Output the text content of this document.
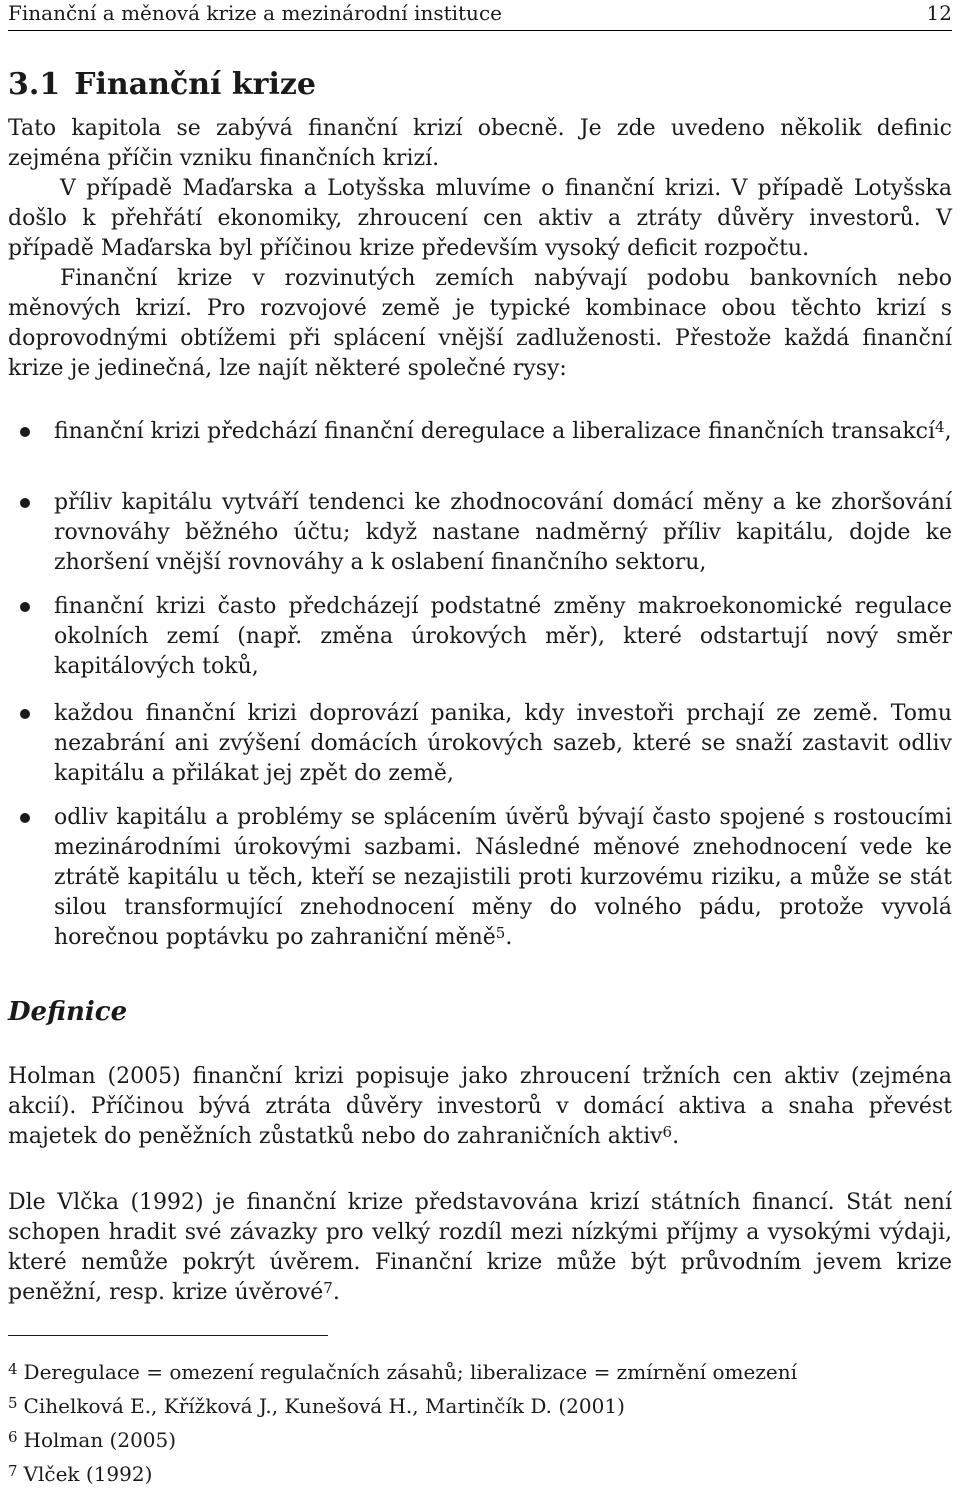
Finanční a měnová krize a mezinárodní instituce	12
3.1 Finanční krize

Tato kapitola se zabývá finanční krizí obecně. Je zde uvedeno několik definic zejména příčin vzniku finančních krizí.

V případě Maďarska a Lotyšska mluvíme o finanční krizi. V případě Lotyšska došlo k přehřátí ekonomiky, zhroucení cen aktiv a ztráty důvěry investorů. V případě Maďarska byl příčinou krize především vysoký deficit rozpočtu.

Finanční krize v rozvinutých zemích nabývají podobu bankovních nebo měnových krizí. Pro rozvojové země je typické kombinace obou těchto krizí s doprovodnými obtížemi při splácení vnější zadluženosti. Přestože každá finanční krize je jedinečná, lze najít některé společné rysy:

finanční krizi předchází finanční deregulace a liberalizace finančních transakcí$^4$,
příliv kapitálu vytváří tendenci ke zhodnocování domácí měny a ke zhoršování rovnováhy běžného účtu; když nastane nadměrný příliv kapitálu, dojde ke zhoršení vnější rovnováhy a k oslabení finančního sektoru,
finanční krizi často předcházejí podstatné změny makroekonomické regulace okolních zemí (např. změna úrokových měr), které odstartují nový směr kapitálových toků,
každou finanční krizi doprovází panika, kdy investoři prchají ze země. Tomu nezabrání ani zvýšení domácích úrokových sazeb, které se snaží zastavit odliv kapitálu a přilákat jej zpět do země,
odliv kapitálu a problémy se splácením úvěrů bývají často spojené s rostoucími mezinárodními úrokovými sazbami. Následné měnové znehodnocení vede ke ztrátě kapitálu u těch, kteří se nezajistili proti kurzovému riziku, a může se stát silou transformující znehodnocení měny do volného pádu, protože vyvolá horečnou poptávku po zahraniční měně$^5$.
Definice
Holman (2005) finanční krizi popisuje jako zhroucení tržních cen aktiv (zejména akcií). Příčinou bývá ztráta důvěry investorů v domácí aktiva a snaha převést majetek do peněžních zůstatků nebo do zahraničních aktiv$^6$.
Dle Vlčka (1992) je finanční krize představována krizí státních financí. Stát není schopen hradit své závazky pro velký rozdíl mezi nízkými příjmy a vysokými výdaji, které nemůže pokrýt úvěrem. Finanční krize může být průvodním jevem krize peněžní, resp. krize úvěrové$^7$.

$^4$ Deregulace = omezení regulačních zásahů; liberalizace = zmírnění omezení

$^5$ Cihelková E., Křížková J., Kunešová H., Martinčík D. (2001)

$^6$ Holman (2005)

$^7$ Vlček (1992)
